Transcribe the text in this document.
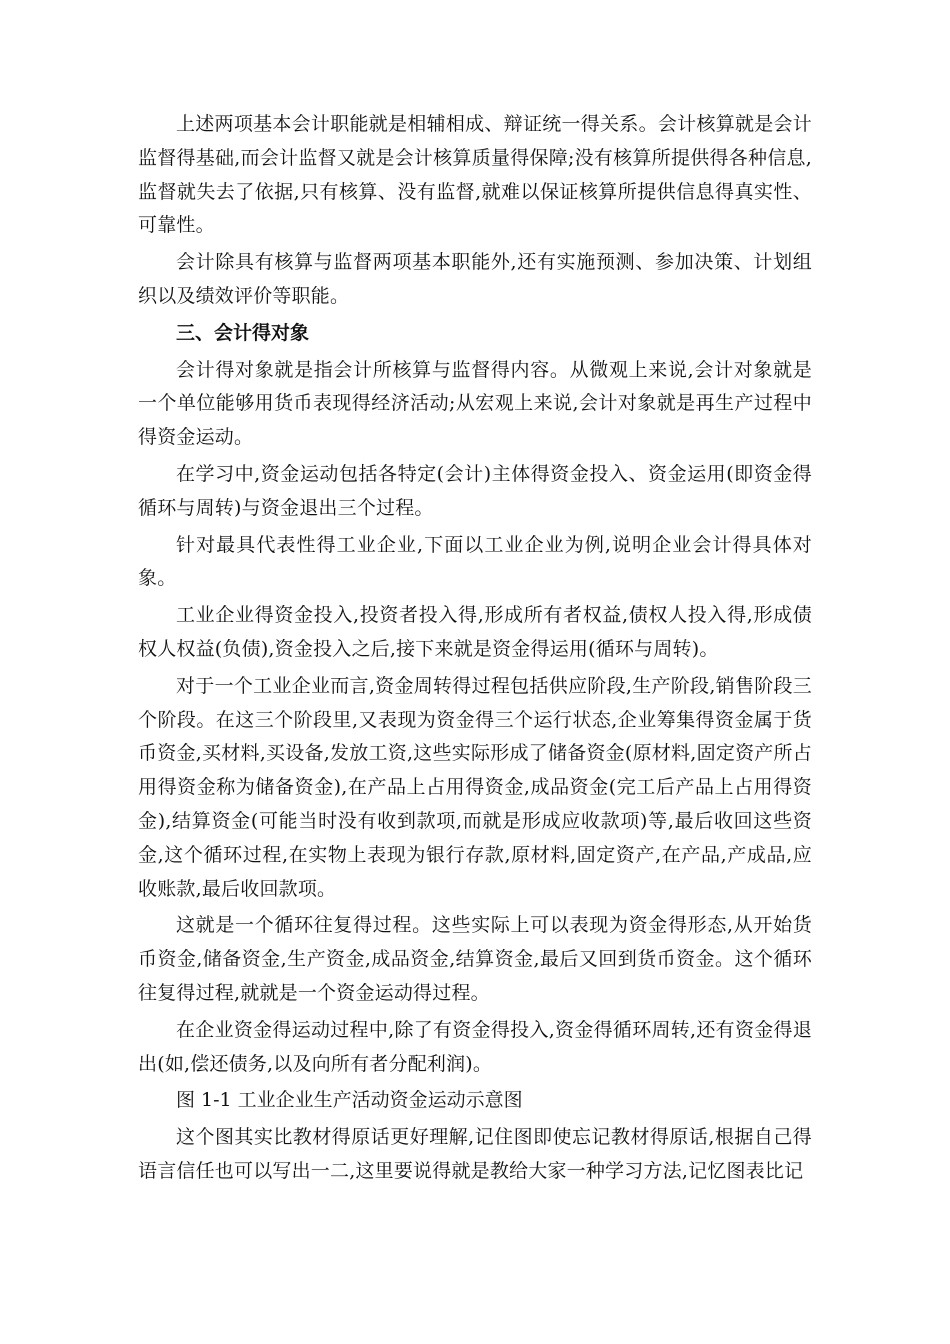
上述两项基本会计职能就是相辅相成、辩证统一得关系。会计核算就是会计监督得基础,而会计监督又就是会计核算质量得保障;没有核算所提供得各种信息,监督就失去了依据,只有核算、没有监督,就难以保证核算所提供信息得真实性、可靠性。

会计除具有核算与监督两项基本职能外,还有实施预测、参加决策、计划组织以及绩效评价等职能。

三、会计得对象

会计得对象就是指会计所核算与监督得内容。从微观上来说,会计对象就是一个单位能够用货币表现得经济活动;从宏观上来说,会计对象就是再生产过程中得资金运动。

在学习中,资金运动包括各特定(会计)主体得资金投入、资金运用(即资金得循环与周转)与资金退出三个过程。

针对最具代表性得工业企业,下面以工业企业为例,说明企业会计得具体对象。

工业企业得资金投入,投资者投入得,形成所有者权益,债权人投入得,形成债权人权益(负债),资金投入之后,接下来就是资金得运用(循环与周转)。

对于一个工业企业而言,资金周转得过程包括供应阶段,生产阶段,销售阶段三个阶段。在这三个阶段里,又表现为资金得三个运行状态,企业筹集得资金属于货币资金,买材料,买设备,发放工资,这些实际形成了储备资金(原材料,固定资产所占用得资金称为储备资金),在产品上占用得资金,成品资金(完工后产品上占用得资金),结算资金(可能当时没有收到款项,而就是形成应收款项)等,最后收回这些资金,这个循环过程,在实物上表现为银行存款,原材料,固定资产,在产品,产成品,应收账款,最后收回款项。

这就是一个循环往复得过程。这些实际上可以表现为资金得形态,从开始货币资金,储备资金,生产资金,成品资金,结算资金,最后又回到货币资金。这个循环往复得过程,就就是一个资金运动得过程。

在企业资金得运动过程中,除了有资金得投入,资金得循环周转,还有资金得退出(如,偿还债务,以及向所有者分配利润)。

图 1-1 工业企业生产活动资金运动示意图

这个图其实比教材得原话更好理解,记住图即使忘记教材得原话,根据自己得语言信任也可以写出一二,这里要说得就是教给大家一种学习方法,记忆图表比记
